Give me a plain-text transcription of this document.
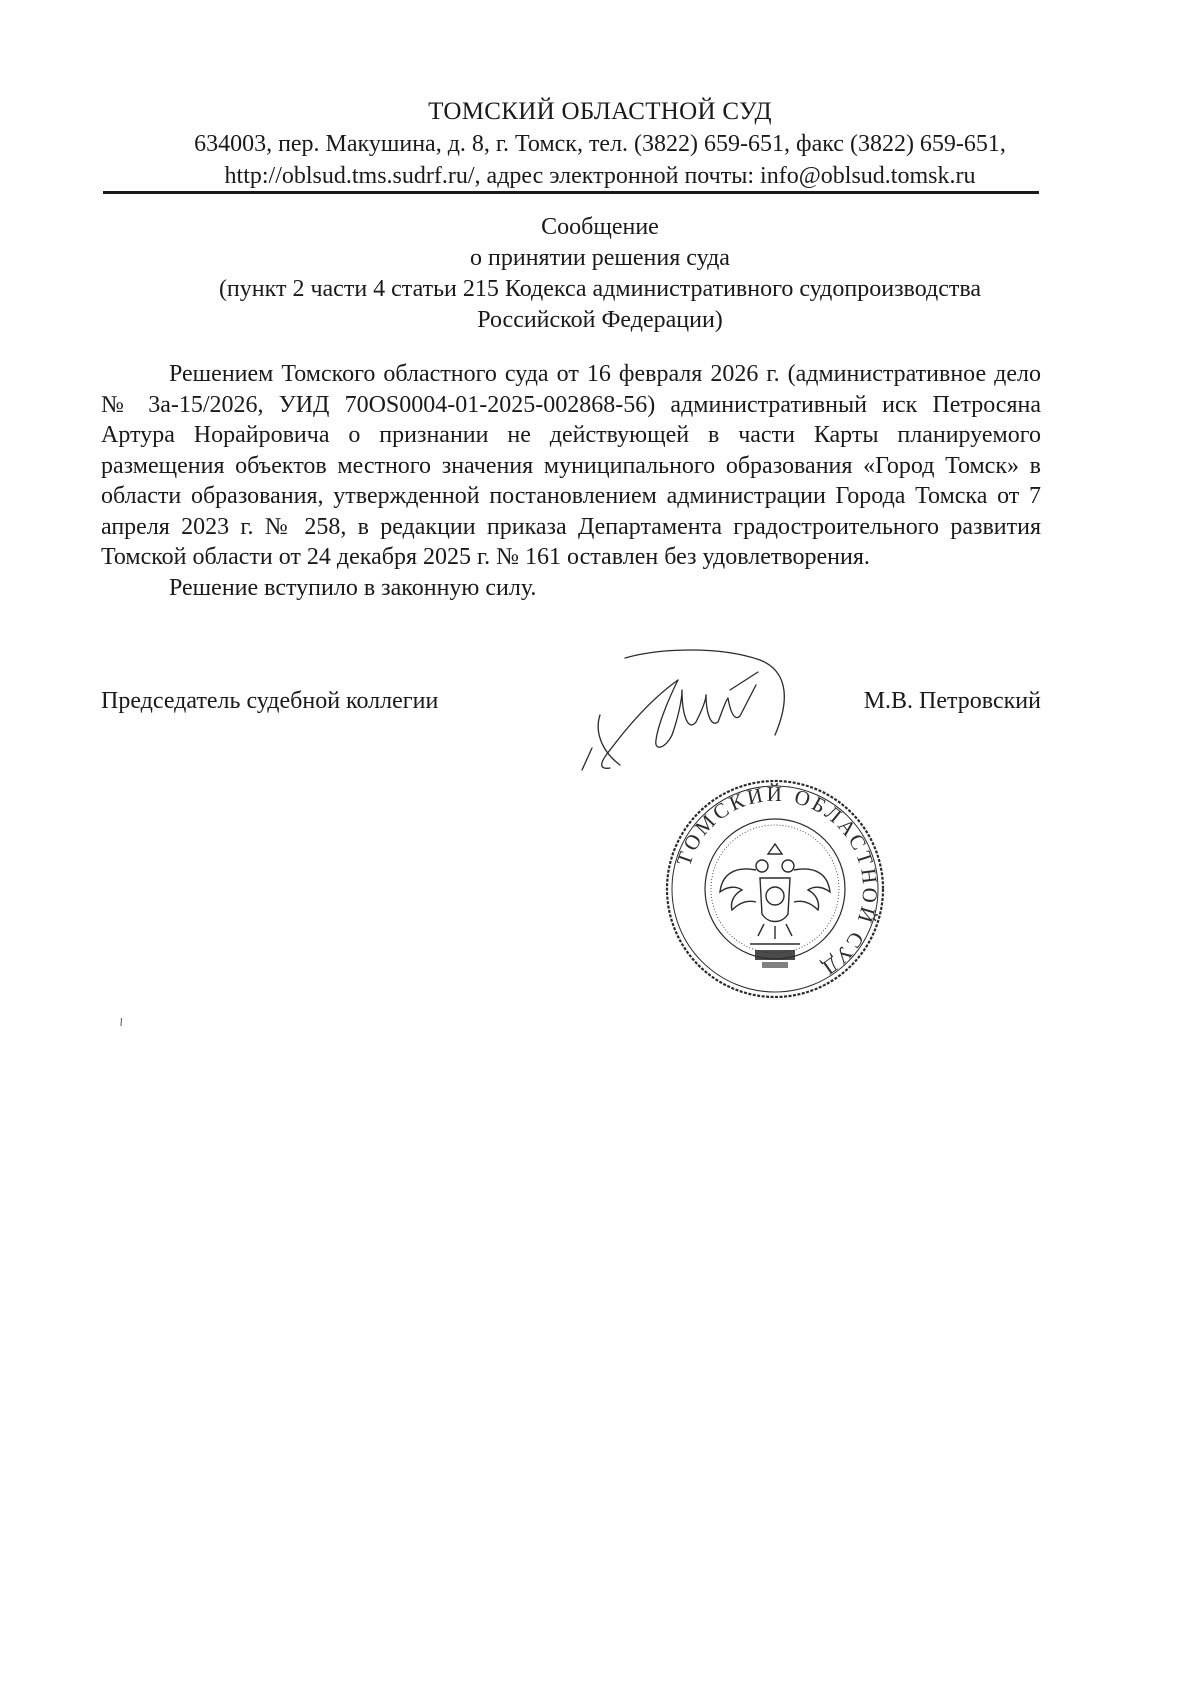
ТОМСКИЙ ОБЛАСТНОЙ СУД
634003, пер. Макушина, д. 8, г. Томск, тел. (3822) 659-651, факс (3822) 659-651,
http://oblsud.tms.sudrf.ru/, адрес электронной почты: info@oblsud.tomsk.ru
Сообщение
о принятии решения суда
(пункт 2 части 4 статьи 215 Кодекса административного судопроизводства
Российской Федерации)

Решением Томского областного суда от 16 февраля 2026 г. (административное дело № 3а-15/2026, УИД 70OS0004-01-2025-002868-56) административный иск Петросяна Артура Норайровича о признании не действующей в части Карты планируемого размещения объектов местного значения муниципального образования «Город Томск» в области образования, утвержденной постановлением администрации Города Томска от 7 апреля 2023 г. № 258, в редакции приказа Департамента градостроительного развития Томской области от 24 декабря 2025 г. № 161 оставлен без удовлетворения.

Решение вступило в законную силу.

Председатель судебной коллегии	М.В. Петровский
ТОМСКИЙ ОБЛАСТНОЙ СУД
